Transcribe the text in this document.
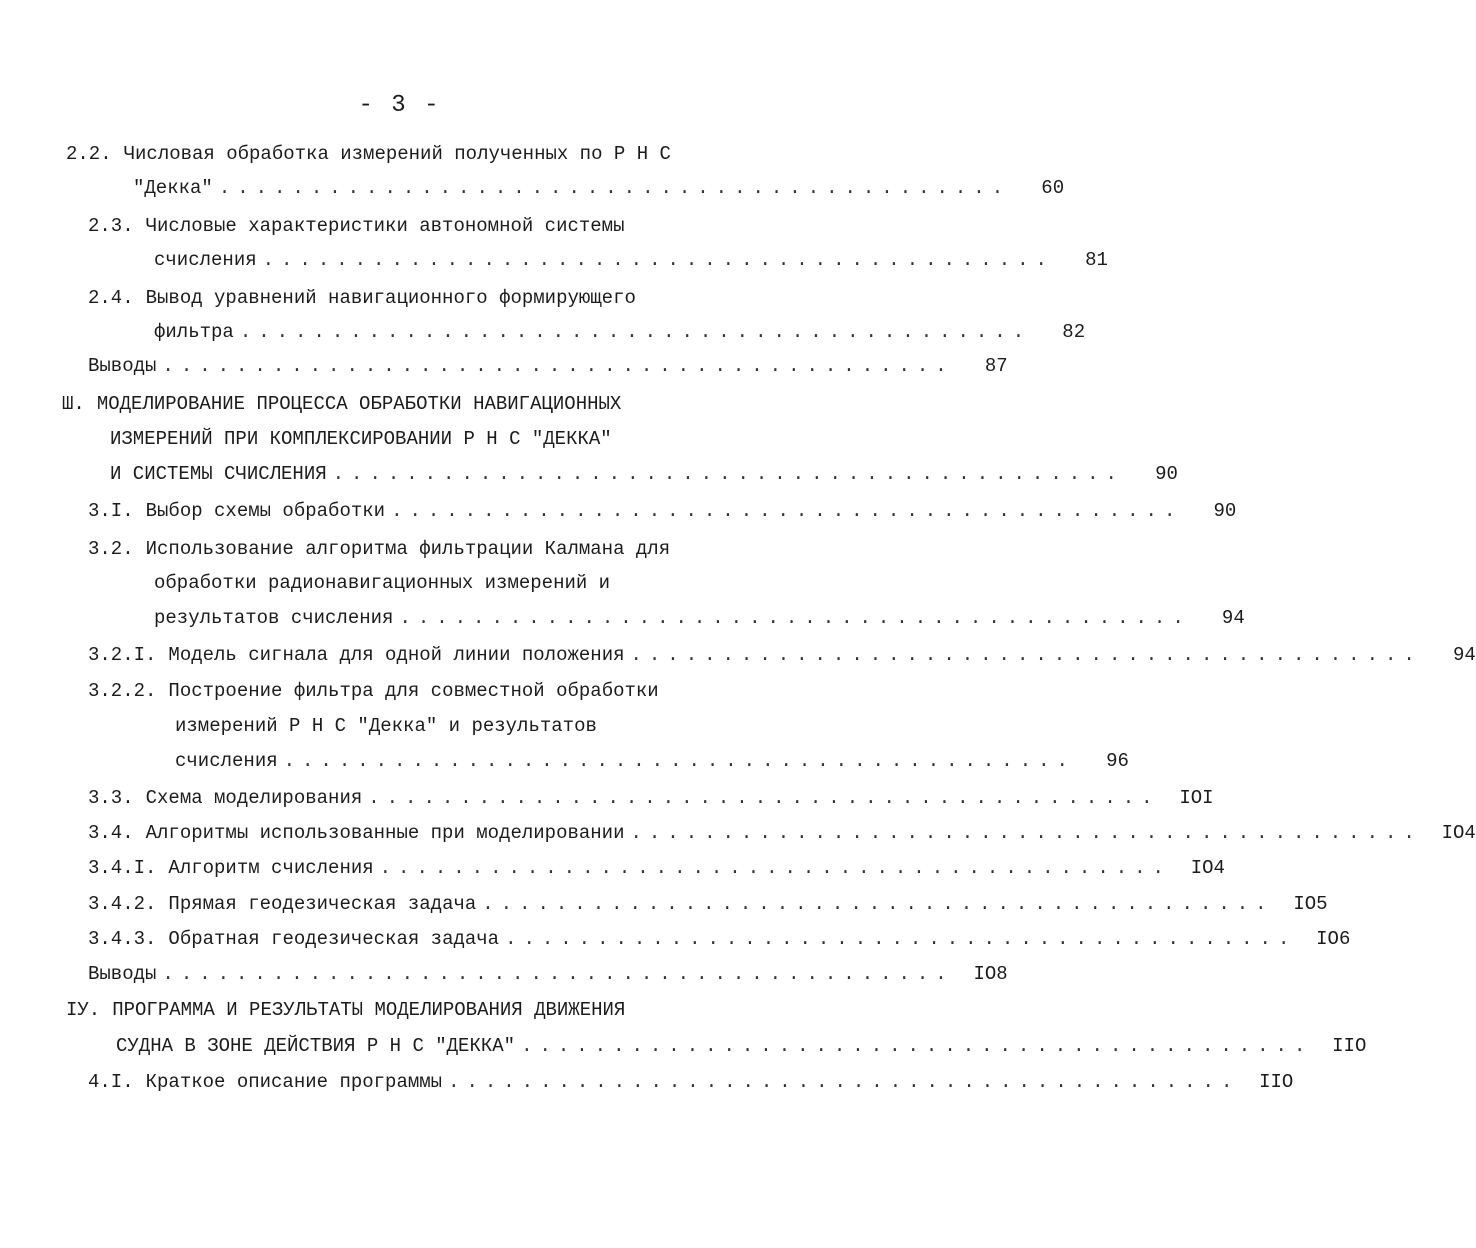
- 3 -
2.2. Числовая обработка измерений полученных по Р Н С
"Декка" ...........................................	60
2.3. Числовые характеристики автономной системы
счисления ...........................................	81
2.4. Вывод уравнений навигационного формирующего
фильтра ...........................................	82
Выводы ...........................................	87
Ш. МОДЕЛИРОВАНИЕ ПРОЦЕССА ОБРАБОТКИ НАВИГАЦИОННЫХ
ИЗМЕРЕНИЙ ПРИ КОМПЛЕКСИРОВАНИИ Р Н С "ДЕККА"
И СИСТЕМЫ СЧИСЛЕНИЯ ...........................................	90
3.I. Выбор схемы обработки ...........................................	90
3.2. Использование алгоритма фильтрации Калмана для
обработки радионавигационных измерений и
результатов счисления ...........................................	94
3.2.I. Модель сигнала для одной линии положения ...........................................	94
3.2.2. Построение фильтра для совместной обработки
измерений Р Н С "Декка" и результатов
счисления ...........................................	96
3.3. Схема моделирования ...........................................	IOI
3.4. Алгоритмы использованные при моделировании ...........................................	IO4
3.4.I. Алгоритм счисления ...........................................	IO4
3.4.2. Прямая геодезическая задача ...........................................	IO5
3.4.3. Обратная геодезическая задача ...........................................	IO6
Выводы ...........................................	IO8
IУ. ПРОГРАММА И РЕЗУЛЬТАТЫ МОДЕЛИРОВАНИЯ ДВИЖЕНИЯ
СУДНА В ЗОНЕ ДЕЙСТВИЯ Р Н С "ДЕККА" ...........................................	IIO
4.I. Краткое описание программы ...........................................	IIO
